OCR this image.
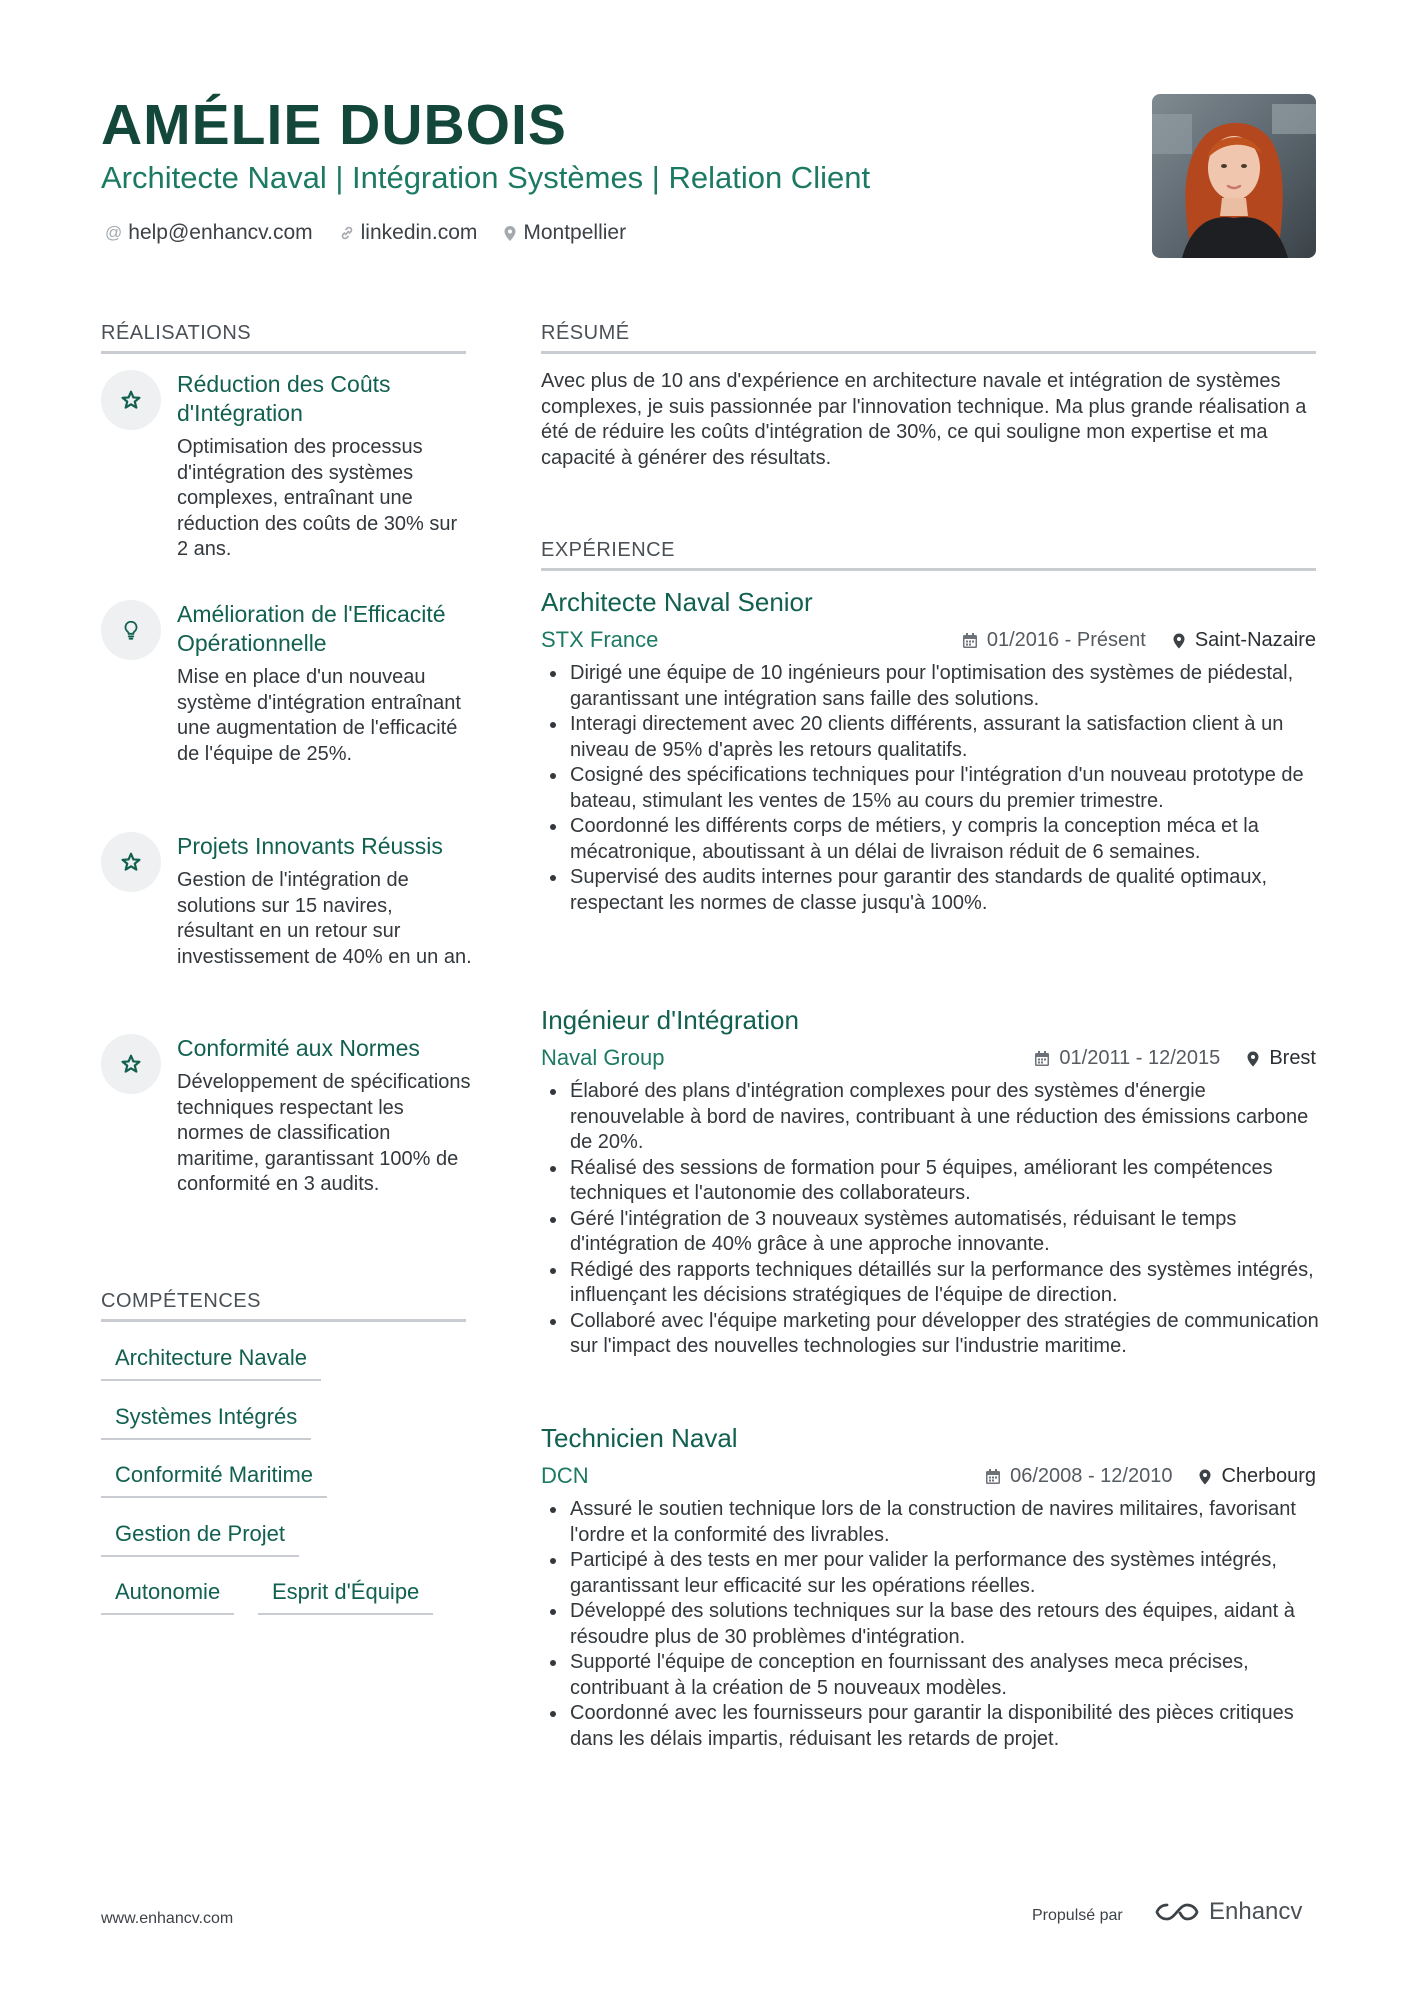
AMÉLIE DUBOIS
Architecte Naval | Intégration Systèmes | Relation Client
@ help@enhancv.com linkedin.com Montpellier
RÉALISATIONS
Réduction des Coûts d'Intégration
Optimisation des processus d'intégration des systèmes complexes, entraînant une réduction des coûts de 30% sur 2 ans.
Amélioration de l'Efficacité Opérationnelle
Mise en place d'un nouveau système d'intégration entraînant une augmentation de l'efficacité de l'équipe de 25%.
Projets Innovants Réussis
Gestion de l'intégration de solutions sur 15 navires, résultant en un retour sur investissement de 40% en un an.
Conformité aux Normes
Développement de spécifications techniques respectant les normes de classification maritime, garantissant 100% de conformité en 3 audits.
COMPÉTENCES
Architecture Navale
Systèmes Intégrés
Conformité Maritime
Gestion de Projet
Autonomie	Esprit d'Équipe
RÉSUMÉ
Avec plus de 10 ans d'expérience en architecture navale et intégration de systèmes complexes, je suis passionnée par l'innovation technique. Ma plus grande réalisation a été de réduire les coûts d'intégration de 30%, ce qui souligne mon expertise et ma capacité à générer des résultats.
EXPÉRIENCE
Architecte Naval Senior
STX France	01/2016 - Présent Saint-Nazaire
Dirigé une équipe de 10 ingénieurs pour l'optimisation des systèmes de piédestal, garantissant une intégration sans faille des solutions.
Interagi directement avec 20 clients différents, assurant la satisfaction client à un niveau de 95% d'après les retours qualitatifs.
Cosigné des spécifications techniques pour l'intégration d'un nouveau prototype de bateau, stimulant les ventes de 15% au cours du premier trimestre.
Coordonné les différents corps de métiers, y compris la conception méca et la mécatronique, aboutissant à un délai de livraison réduit de 6 semaines.
Supervisé des audits internes pour garantir des standards de qualité optimaux, respectant les normes de classe jusqu'à 100%.
Ingénieur d'Intégration
Naval Group	01/2011 - 12/2015 Brest
Élaboré des plans d'intégration complexes pour des systèmes d'énergie renouvelable à bord de navires, contribuant à une réduction des émissions carbone de 20%.
Réalisé des sessions de formation pour 5 équipes, améliorant les compétences techniques et l'autonomie des collaborateurs.
Géré l'intégration de 3 nouveaux systèmes automatisés, réduisant le temps d'intégration de 40% grâce à une approche innovante.
Rédigé des rapports techniques détaillés sur la performance des systèmes intégrés, influençant les décisions stratégiques de l'équipe de direction.
Collaboré avec l'équipe marketing pour développer des stratégies de communication sur l'impact des nouvelles technologies sur l'industrie maritime.
Technicien Naval
DCN	06/2008 - 12/2010 Cherbourg
Assuré le soutien technique lors de la construction de navires militaires, favorisant l'ordre et la conformité des livrables.
Participé à des tests en mer pour valider la performance des systèmes intégrés, garantissant leur efficacité sur les opérations réelles.
Développé des solutions techniques sur la base des retours des équipes, aidant à résoudre plus de 30 problèmes d'intégration.
Supporté l'équipe de conception en fournissant des analyses meca précises, contribuant à la création de 5 nouveaux modèles.
Coordonné avec les fournisseurs pour garantir la disponibilité des pièces critiques dans les délais impartis, réduisant les retards de projet.
www.enhancv.com	Propulsé par	Enhancv
